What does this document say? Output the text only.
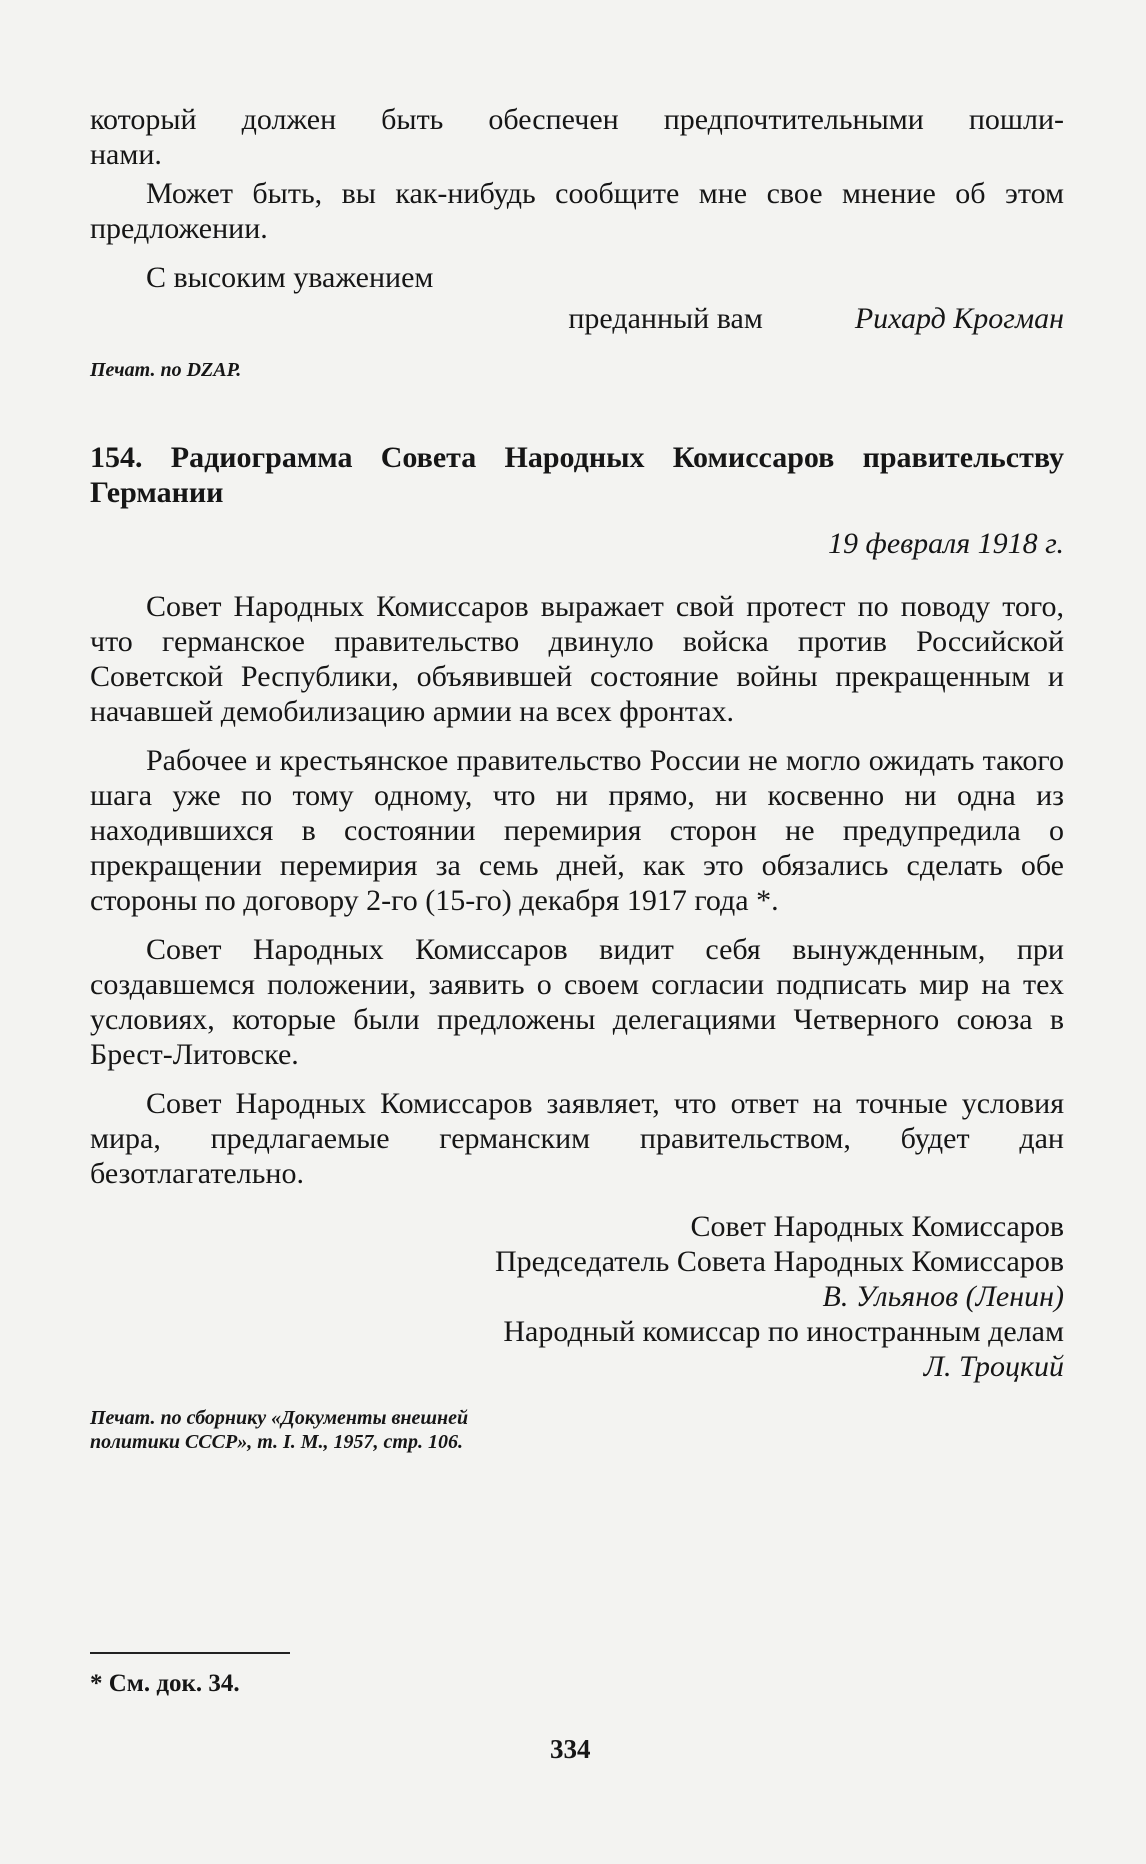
который должен быть обеспечен предпочтительными пошли-

нами.

Может быть, вы как-нибудь сообщите мне свое мнение об этом предложении.

С высоким уважением

преданный вам	Рихард Крогман

Печат. по DZAP.

154. Радиограмма Совета Народных Комиссаров правительству Германии

19 февраля 1918 г.

Совет Народных Комиссаров выражает свой протест по поводу того, что германское правительство двинуло войска против Российской Советской Республики, объявившей состояние войны прекращенным и начавшей демобилизацию армии на всех фронтах.

Рабочее и крестьянское правительство России не могло ожидать такого шага уже по тому одному, что ни прямо, ни косвенно ни одна из находившихся в состоянии перемирия сторон не предупредила о прекращении перемирия за семь дней, как это обязались сделать обе стороны по договору 2-го (15-го) декабря 1917 года *.

Совет Народных Комиссаров видит себя вынужденным, при создавшемся положении, заявить о своем согласии подписать мир на тех условиях, которые были предложены делегациями Четверного союза в Брест-Литовске.

Совет Народных Комиссаров заявляет, что ответ на точные условия мира, предлагаемые германским правительством, будет дан безотлагательно.

Совет Народных Комиссаров

Председатель Совета Народных Комиссаров

В. Ульянов (Ленин)

Народный комиссар по иностранным делам

Л. Троцкий

Печат. по сборнику «Документы внешней

политики СССР», т. I. М., 1957, стр. 106.

* См. док. 34.

334
